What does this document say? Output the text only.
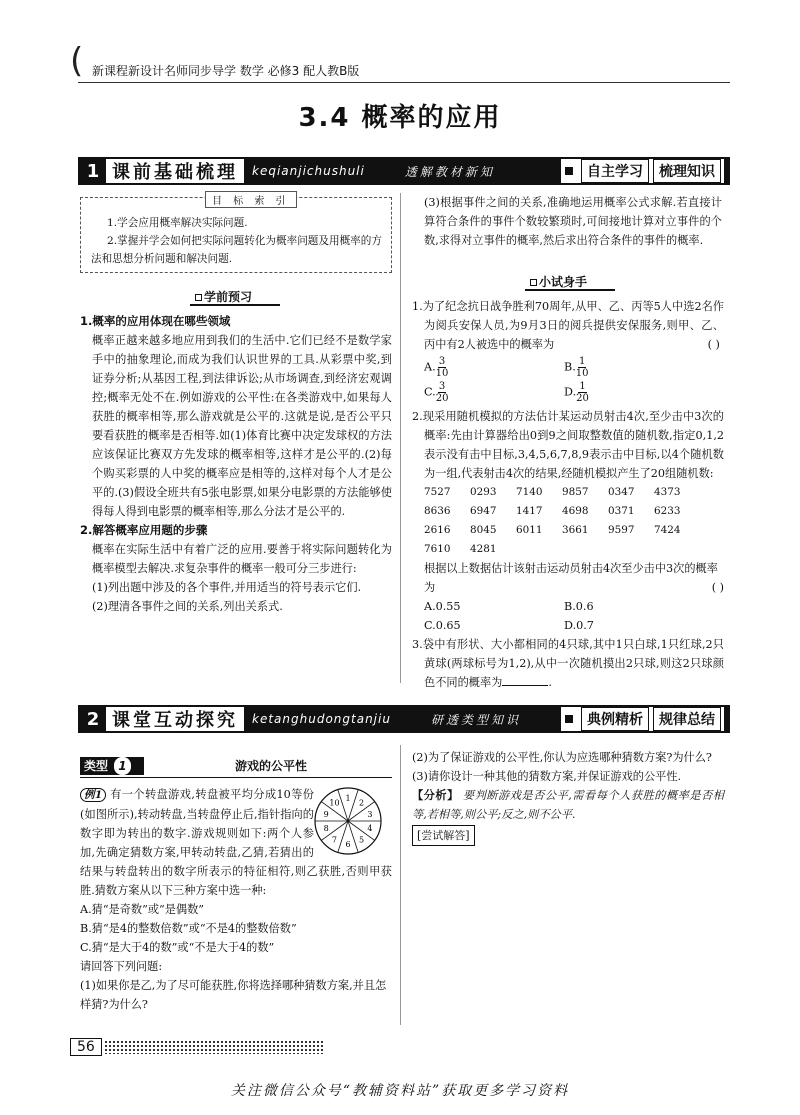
( 新课程新设计名师同步导学 数学 必修3 配人教B版
3.4 概率的应用
1 课前基础梳理	keqianjichushuli	透解教材新知	自主学习	梳理知识

1.学会应用概率解决实际问题.

2.掌握并学会如何把实际问题转化为概率问题及用概率的方法和思想分析问题和解决问题.

目 标 索 引
学前预习

1.概率的应用体现在哪些领域

概率正越来越多地应用到我们的生活中.它们已经不是数学家手中的抽象理论,而成为我们认识世界的工具.从彩票中奖,到证券分析;从基因工程,到法律诉讼;从市场调查,到经济宏观调控;概率无处不在.例如游戏的公平性:在各类游戏中,如果每人获胜的概率相等,那么游戏就是公平的.这就是说,是否公平只要看获胜的概率是否相等.如(1)体育比赛中决定发球权的方法应该保证比赛双方先发球的概率相等,这样才是公平的.(2)每个购买彩票的人中奖的概率应是相等的,这样对每个人才是公平的.(3)假设全班共有5张电影票,如果分电影票的方法能够使得每人得到电影票的概率相等,那么分法才是公平的.

2.解答概率应用题的步骤

概率在实际生活中有着广泛的应用.要善于将实际问题转化为概率模型去解决.求复杂事件的概率一般可分三步进行:

(1)列出题中涉及的各个事件,并用适当的符号表示它们.

(2)理清各事件之间的关系,列出关系式.

(3)根据事件之间的关系,准确地运用概率公式求解.若直接计算符合条件的事件个数较繁琐时,可间接地计算对立事件的个数,求得对立事件的概率,然后求出符合条件的事件的概率.

小试身手

1.为了纪念抗日战争胜利70周年,从甲、乙、丙等5人中选2名作为阅兵安保人员,为9月3日的阅兵提供安保服务,则甲、乙、丙中有2人被选中的概率为	( )

A. $\frac{3}{10}$	B. $\frac{1}{10}$
C. $\frac{3}{20}$	D. $\frac{1}{20}$

2.现采用随机模拟的方法估计某运动员射击4次,至少击中3次的概率:先由计算器给出0到9之间取整数值的随机数,指定0,1,2表示没有击中目标,3,4,5,6,7,8,9表示击中目标,以4个随机数为一组,代表射击4次的结果,经随机模拟产生了20组随机数:

7527	0293	7140	9857	0347	4373
8636	6947	1417	4698	0371	6233
2616	8045	6011	3661	9597	7424
7610	4281

根据以上数据估计该射击运动员射击4次至少击中3次的概率为	( )

A.0.55	B.0.6
C.0.65	D.0.7

3.袋中有形状、大小都相同的4只球,其中1只白球,1只红球,2只黄球(两球标号为1,2),从中一次随机摸出2只球,则这2只球颜色不同的概率为	.

2 课堂互动探究	ketanghudongtanjiu	研透类型知识	典例精析	规律总结
类型 1	游戏的公平性
1 2
3
4
5
6
7
8
9
10

例1 有一个转盘游戏,转盘被平均分成10等份(如图所示),转动转盘,当转盘停止后,指针指向的数字即为转出的数字.游戏规则如下:两个人参加,先确定猜数方案,甲转动转盘,乙猜,若猜出的结果与转盘转出的数字所表示的特征相符,则乙获胜,否则甲获胜.猜数方案从以下三种方案中选一种:

A.猜“是奇数”或“是偶数”

B.猜“是4的整数倍数”或“不是4的整数倍数”

C.猜“是大于4的数”或“不是大于4的数”

请回答下列问题:

(1)如果你是乙,为了尽可能获胜,你将选择哪种猜数方案,并且怎样猜?为什么?

(2)为了保证游戏的公平性,你认为应选哪种猜数方案?为什么?

(3)请你设计一种其他的猜数方案,并保证游戏的公平性.

【分析】 要判断游戏是否公平,需看每个人获胜的概率是否相等,若相等,则公平;反之,则不公平.

[尝试解答]

56
关注微信公众号“教辅资料站”获取更多学习资料
